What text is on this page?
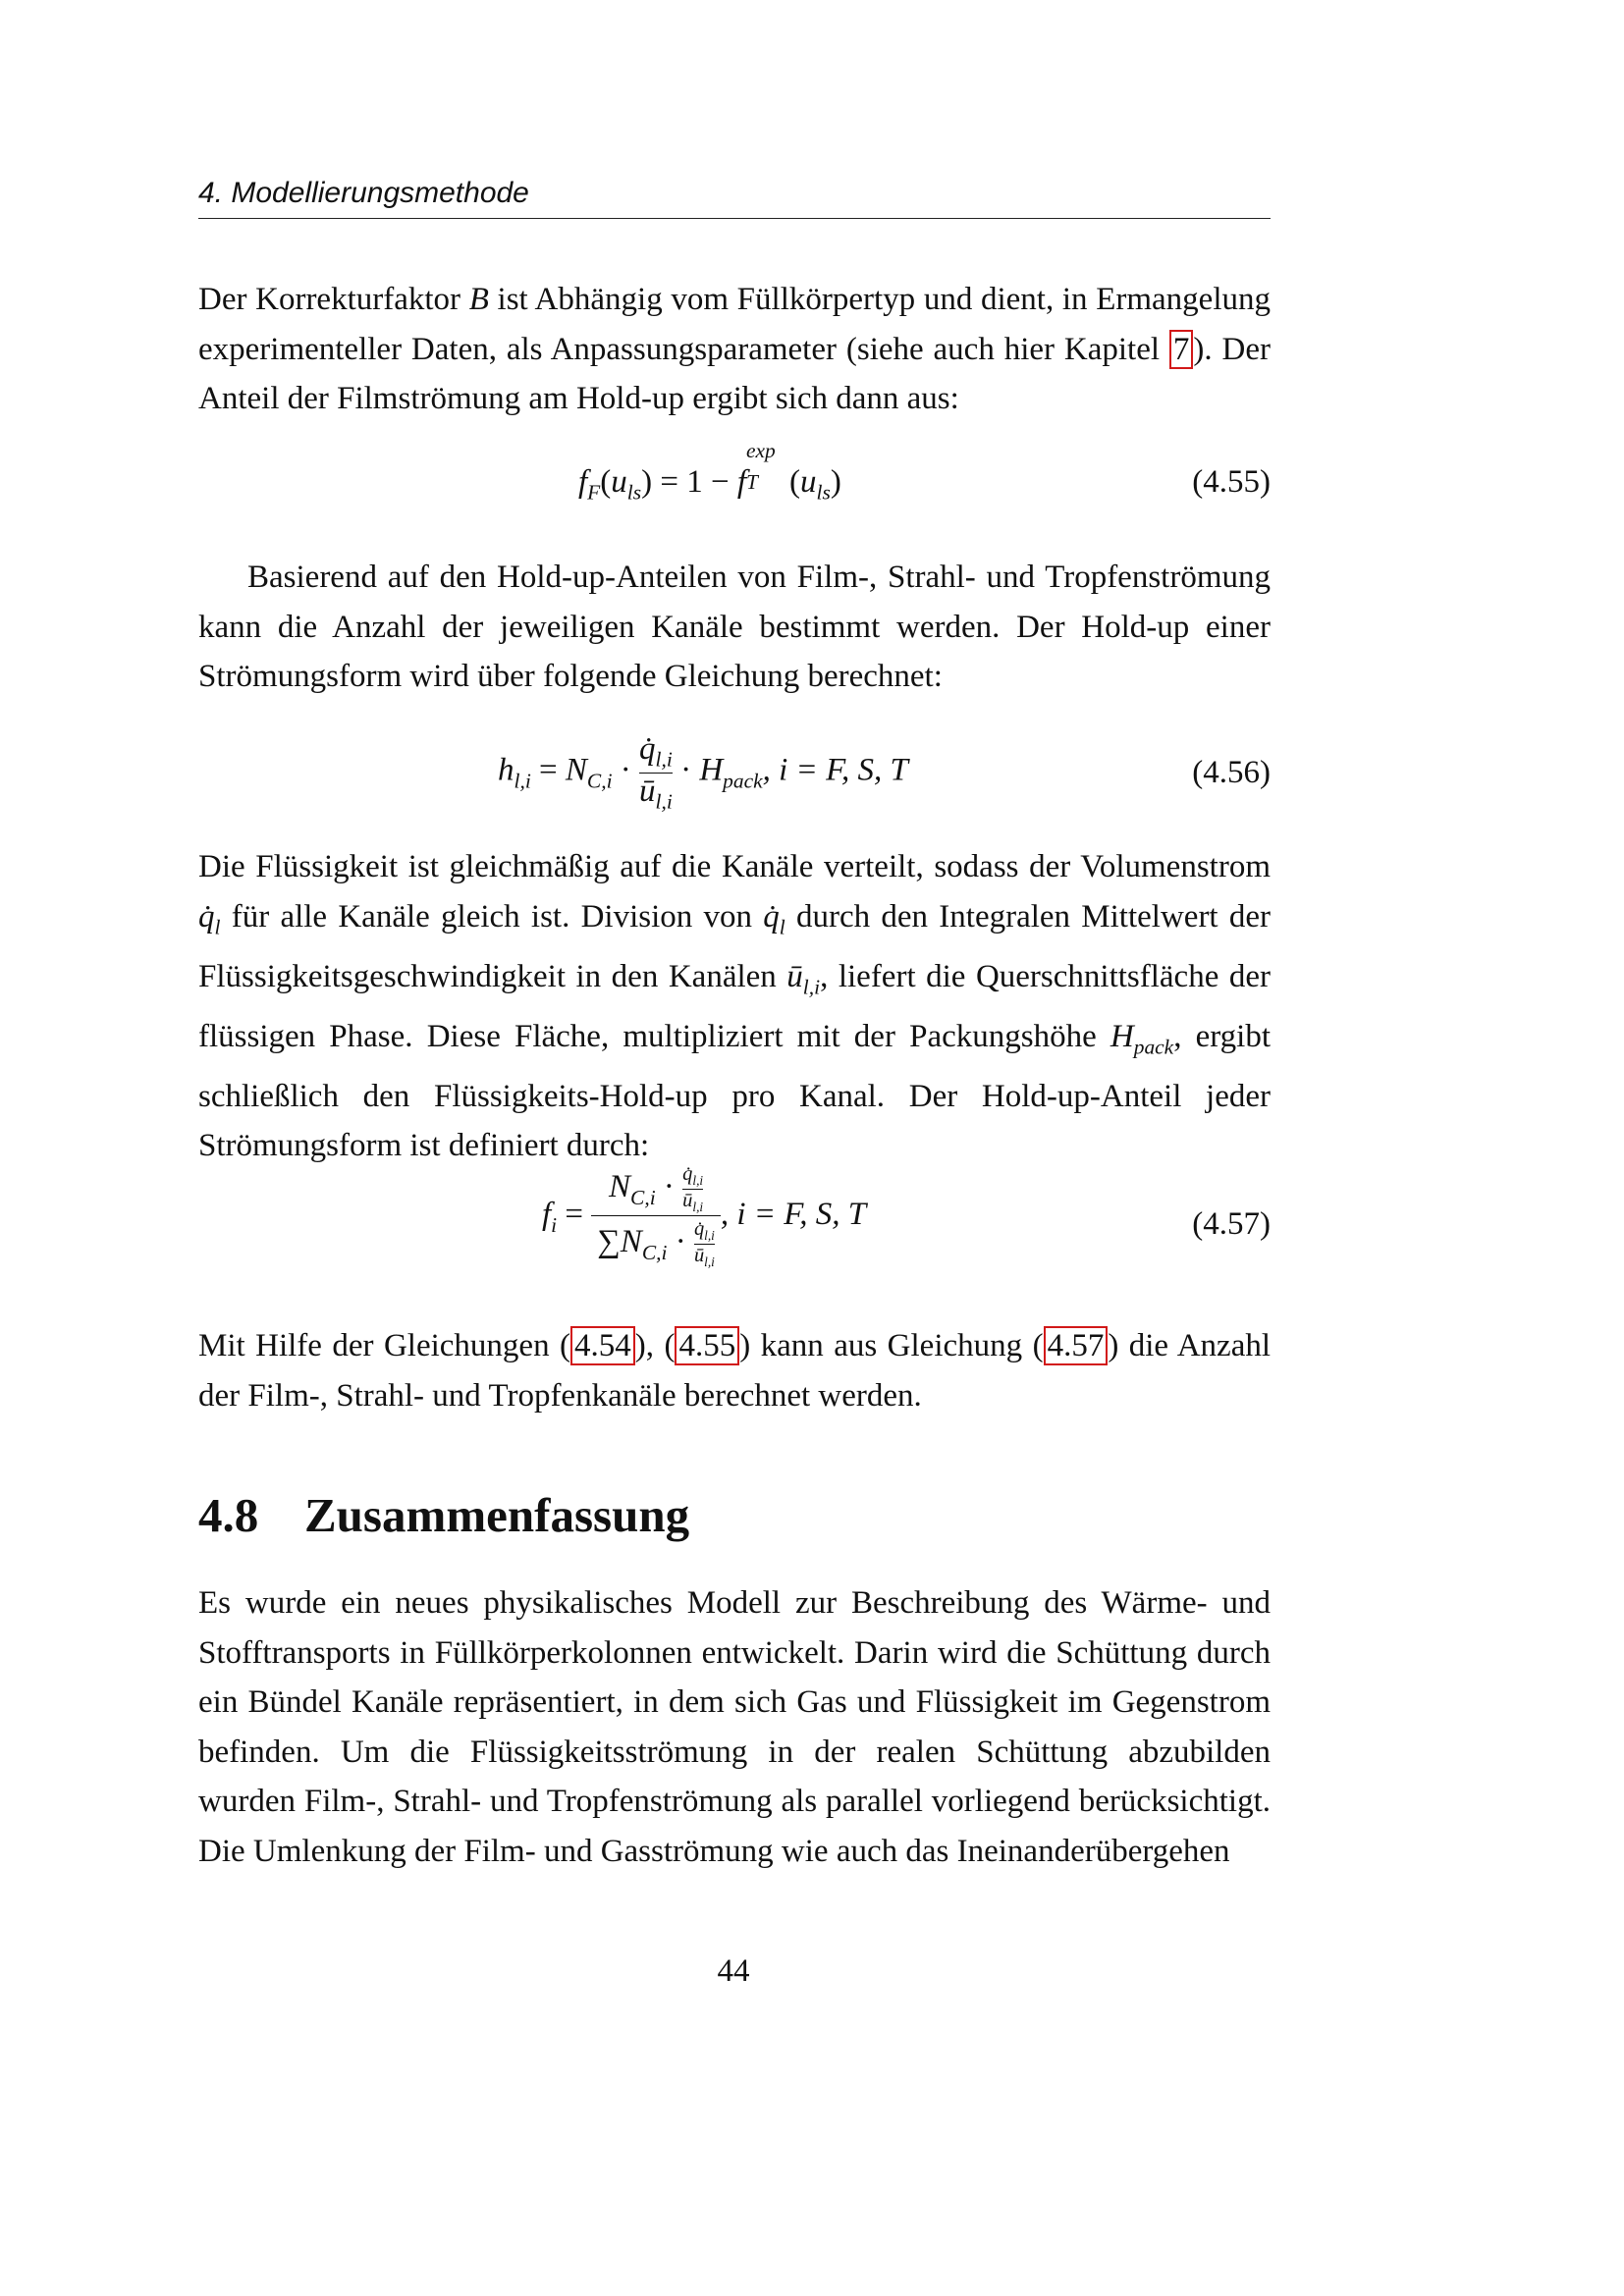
4. Modellierungsmethode

Der Korrekturfaktor B ist Abhängig vom Füllkörpertyp und dient, in Ermangelung experimenteller Daten, als Anpassungsparameter (siehe auch hier Kapitel 7 ). Der Anteil der Filmströmung am Hold-up ergibt sich dann aus:

$f_F(u_{ls}) = 1 - f$
exp
T $(u_{ls})$	(4.55)

Basierend auf den Hold-up-Anteilen von Film-, Strahl- und Tropfenströmung kann die Anzahl der jeweiligen Kanäle bestimmt werden. Der Hold-up einer Strömungsform wird über folgende Gleichung berechnet:

$h_{l,i} = N_{C,i} \cdot \frac{q̇_{l,i}}{ū_{l,i}} \cdot H_{pack}$, i = F, S, T	(4.56)

Die Flüssigkeit ist gleichmäßig auf die Kanäle verteilt, sodass der Volumenstrom $q̇_l$ für alle Kanäle gleich ist. Division von $q̇_l$ durch den Integralen Mittelwert der Flüssigkeitsgeschwindigkeit in den Kanälen $ū_{l,i}$, liefert die Querschnittsfläche der flüssigen Phase. Diese Fläche, multipliziert mit der Packungshöhe $H_{pack}$, ergibt schließlich den Flüssigkeits-Hold-up pro Kanal. Der Hold-up-Anteil jeder Strömungsform ist definiert durch:

$f_i = \frac{N_{C,i} \cdot \frac{q̇_{l,i}}{ū_{l,i}}}{\sum N_{C,i} \cdot \frac{q̇_{l,i}}{ū_{l,i}}}$ , i = F, S, T	(4.57)

Mit Hilfe der Gleichungen ( 4.54 ), ( 4.55 ) kann aus Gleichung ( 4.57 ) die Anzahl der Film-, Strahl- und Tropfenkanäle berechnet werden.

4.8 Zusammenfassung

Es wurde ein neues physikalisches Modell zur Beschreibung des Wärme- und Stofftransports in Füllkörperkolonnen entwickelt. Darin wird die Schüttung durch ein Bündel Kanäle repräsentiert, in dem sich Gas und Flüssigkeit im Gegenstrom befinden. Um die Flüssigkeitsströmung in der realen Schüttung abzubilden wurden Film-, Strahl- und Tropfenströmung als parallel vorliegend berücksichtigt. Die Umlenkung der Film- und Gasströmung wie auch das Ineinanderübergehen

44
